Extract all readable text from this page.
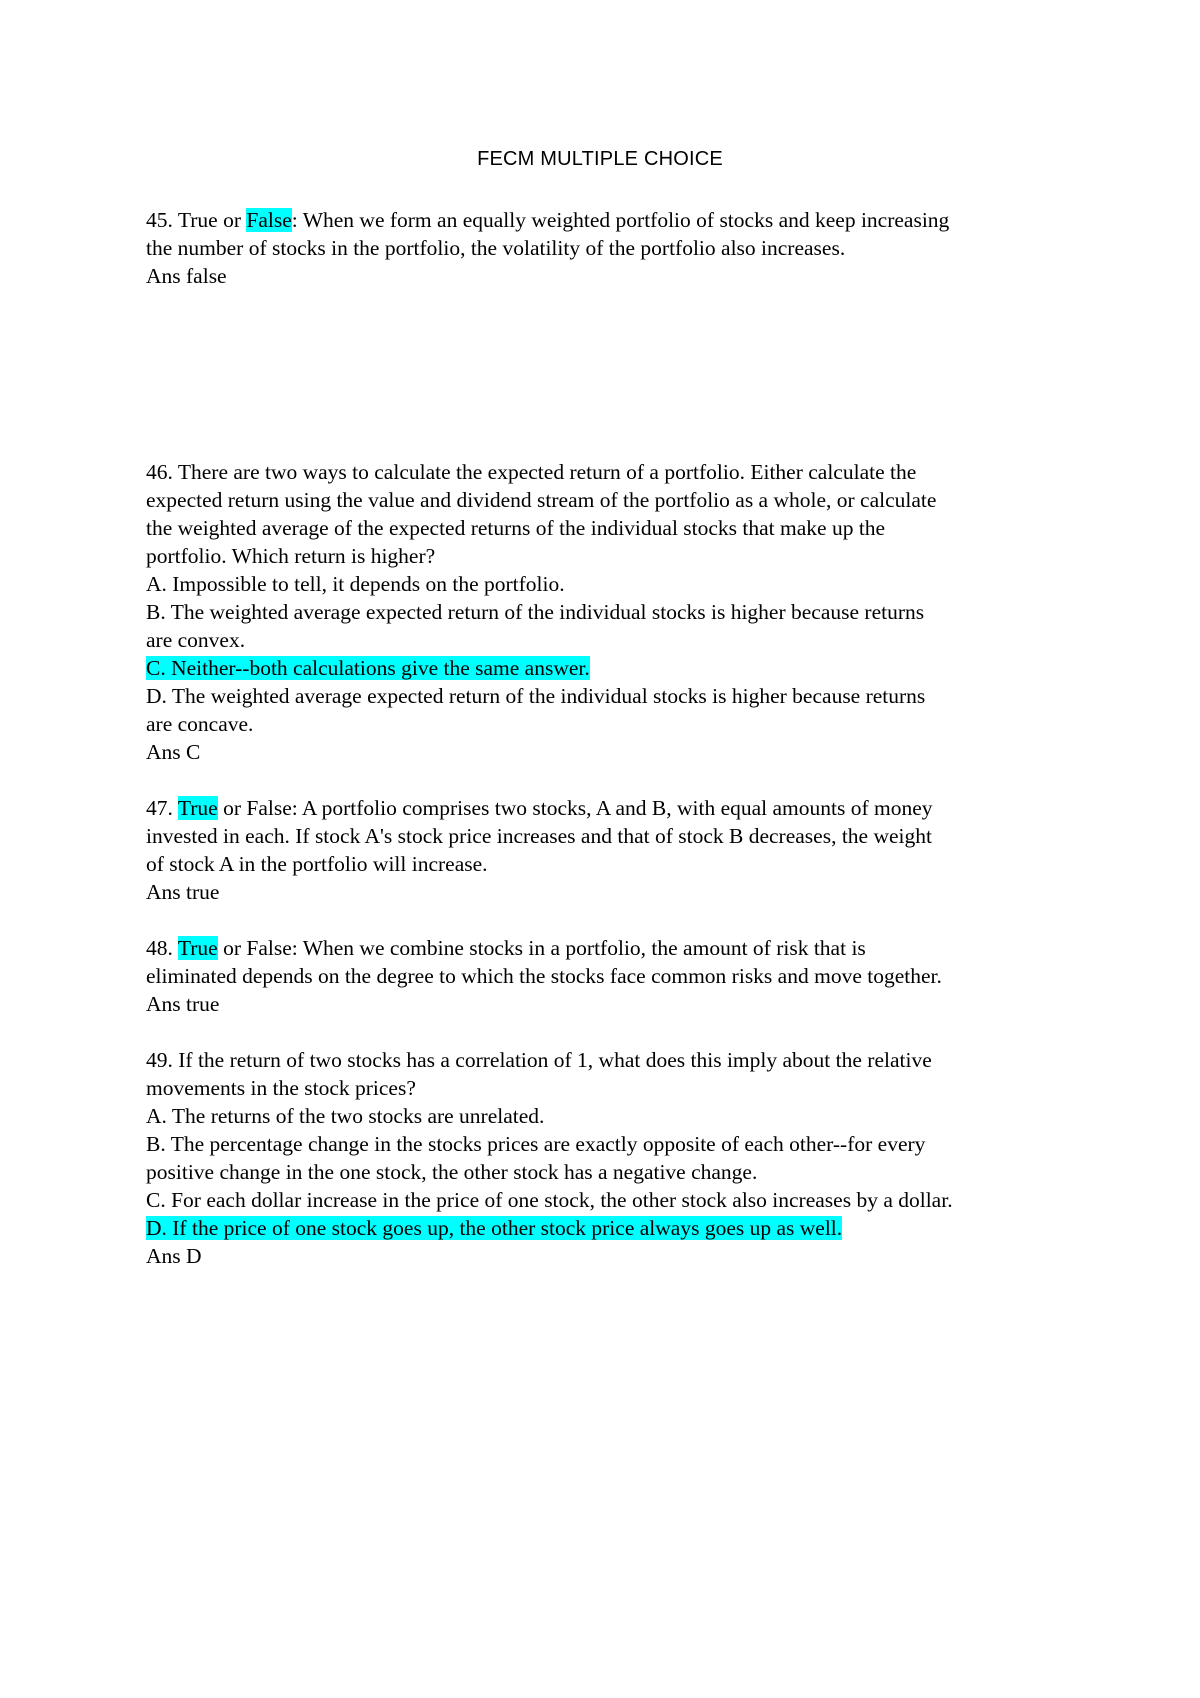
FECM MULTIPLE CHOICE
45. True or False: When we form an equally weighted portfolio of stocks and keep increasing
the number of stocks in the portfolio, the volatility of the portfolio also increases.
Ans false
46. There are two ways to calculate the expected return of a portfolio. Either calculate the
expected return using the value and dividend stream of the portfolio as a whole, or calculate
the weighted average of the expected returns of the individual stocks that make up the
portfolio. Which return is higher?
A. Impossible to tell, it depends on the portfolio.
B. The weighted average expected return of the individual stocks is higher because returns
are convex.
C. Neither--both calculations give the same answer.
D. The weighted average expected return of the individual stocks is higher because returns
are concave.
Ans C
47. True or False: A portfolio comprises two stocks, A and B, with equal amounts of money
invested in each. If stock A's stock price increases and that of stock B decreases, the weight
of stock A in the portfolio will increase.
Ans true
48. True or False: When we combine stocks in a portfolio, the amount of risk that is
eliminated depends on the degree to which the stocks face common risks and move together.
Ans true
49. If the return of two stocks has a correlation of 1, what does this imply about the relative
movements in the stock prices?
A. The returns of the two stocks are unrelated.
B. The percentage change in the stocks prices are exactly opposite of each other--for every
positive change in the one stock, the other stock has a negative change.
C. For each dollar increase in the price of one stock, the other stock also increases by a dollar.
D. If the price of one stock goes up, the other stock price always goes up as well.
Ans D
